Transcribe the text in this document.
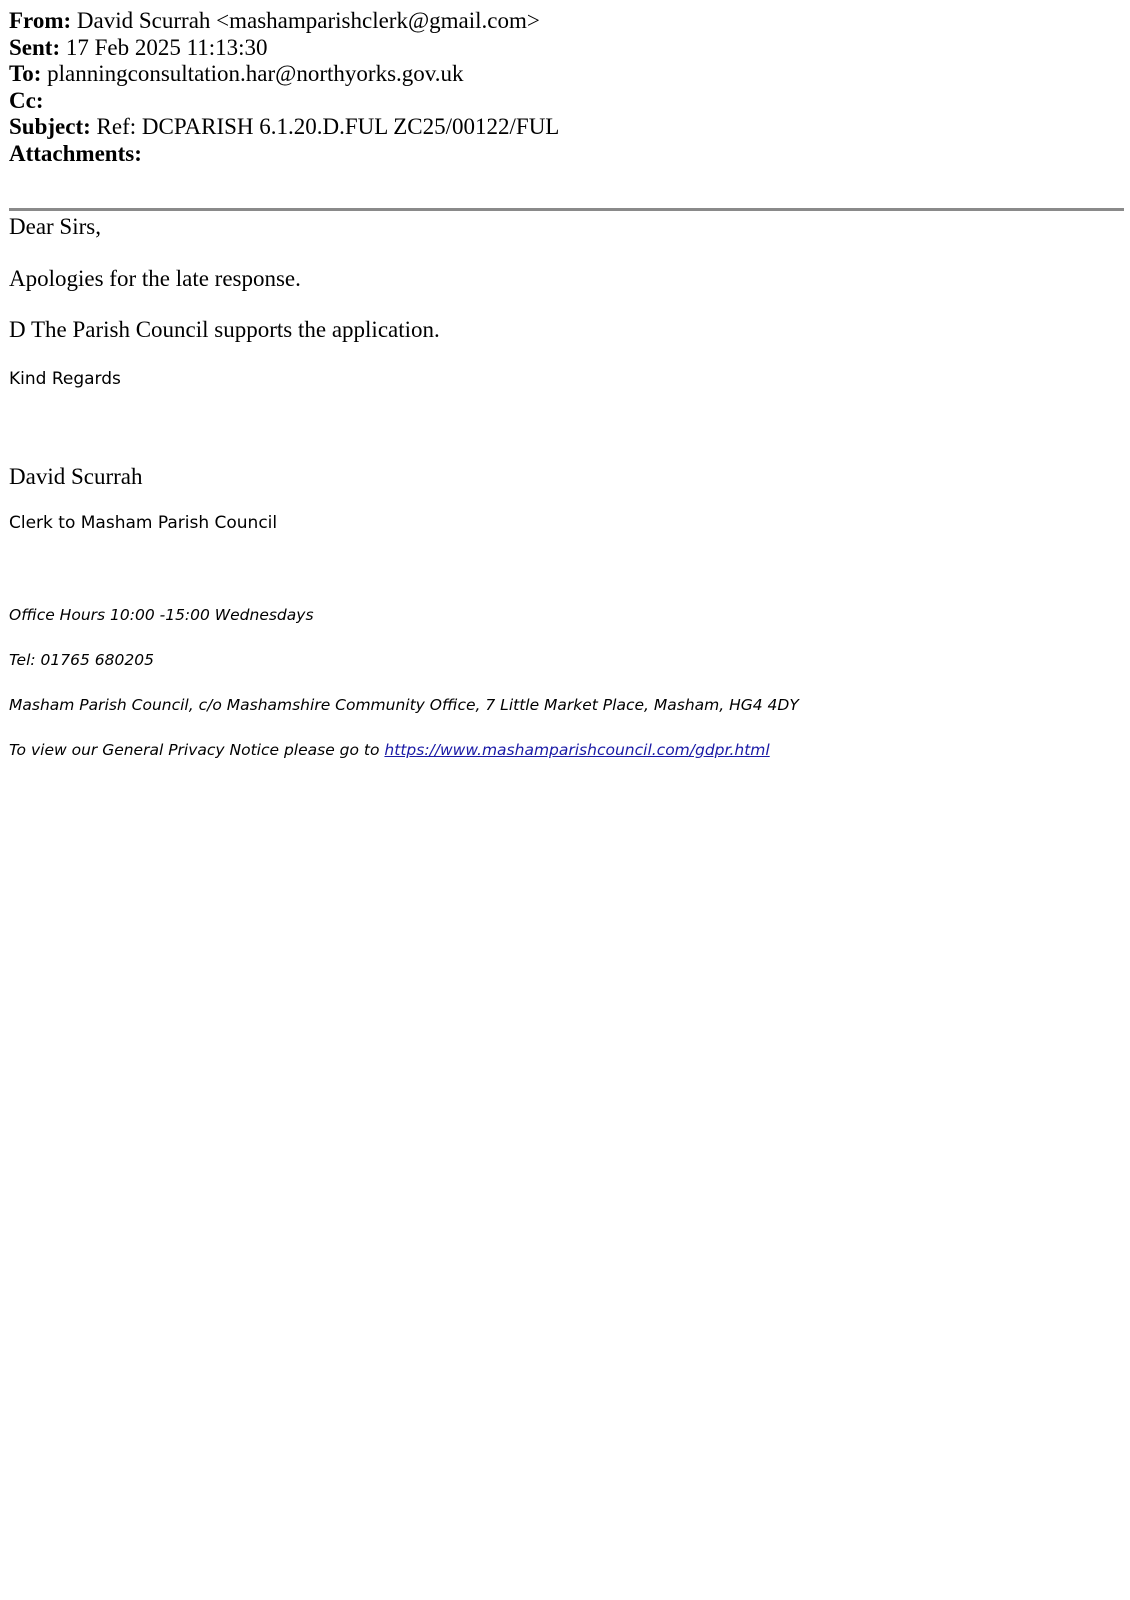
From: David Scurrah <mashamparishclerk@gmail.com>
Sent: 17 Feb 2025 11:13:30
To: planningconsultation.har@northyorks.gov.uk
Cc:
Subject: Ref: DCPARISH 6.1.20.D.FUL ZC25/00122/FUL
Attachments:
Dear Sirs,
Apologies for the late response.
D The Parish Council supports the application.
Kind Regards
David Scurrah
Clerk to Masham Parish Council
Office Hours 10:00 -15:00 Wednesdays
Tel: 01765 680205
Masham Parish Council, c/o Mashamshire Community Office, 7 Little Market Place, Masham, HG4 4DY
To view our General Privacy Notice please go to https://www.mashamparishcouncil.com/gdpr.html
